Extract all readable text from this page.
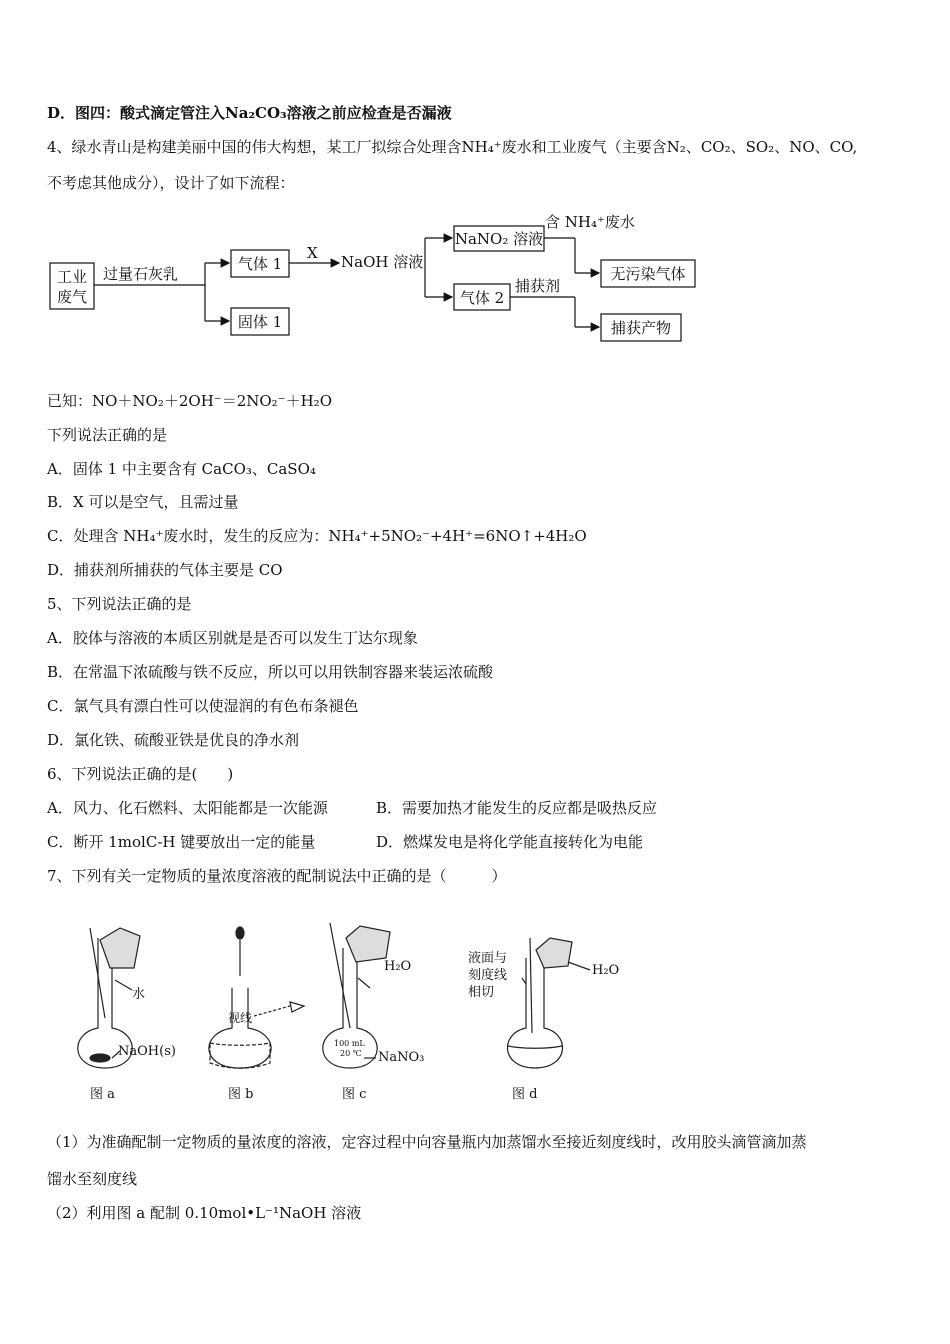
D．图四：酸式滴定管注入Na₂CO₃溶液之前应检查是否漏液
4、绿水青山是构建美丽中国的伟大构想，某工厂拟综合处理含NH₄⁺废水和工业废气（主要含N₂、CO₂、SO₂、NO、CO,
不考虑其他成分），设计了如下流程：
工业
废气
过量石灰乳
气体 1
固体 1
X NaOH 溶液
NaNO₂ 溶液
含 NH₄⁺废水
气体 2
捕获剂
无污染气体
捕获产物
已知：NO＋NO₂＋2OH⁻＝2NO₂⁻＋H₂O
下列说法正确的是
A．固体 1 中主要含有 CaCO₃、CaSO₄
B．X 可以是空气，且需过量
C．处理含 NH₄⁺废水时，发生的反应为：NH₄⁺+5NO₂⁻+4H⁺=6NO↑+4H₂O
D．捕获剂所捕获的气体主要是 CO
5、下列说法正确的是
A．胶体与溶液的本质区别就是是否可以发生丁达尔现象
B．在常温下浓硫酸与铁不反应，所以可以用铁制容器来装运浓硫酸
C．氯气具有漂白性可以使湿润的有色布条褪色
D．氯化铁、硫酸亚铁是优良的净水剂
6、下列说法正确的是(　　)
A．风力、化石燃料、太阳能都是一次能源	B．需要加热才能发生的反应都是吸热反应
C．断开 1molC-H 键要放出一定的能量	D．燃煤发电是将化学能直接转化为电能
7、下列有关一定物质的量浓度溶液的配制说法中正确的是（　　　）
水
NaOH(s)
视线
H₂O
100 mL
20 ℃ NaNO₃
液面与
刻度线
相切
H₂O
图 a	图 b	图 c	图 d
（1）为准确配制一定物质的量浓度的溶液，定容过程中向容量瓶内加蒸馏水至接近刻度线时，改用胶头滴管滴加蒸
馏水至刻度线
（2）利用图 a 配制 0.10mol•L⁻¹NaOH 溶液
